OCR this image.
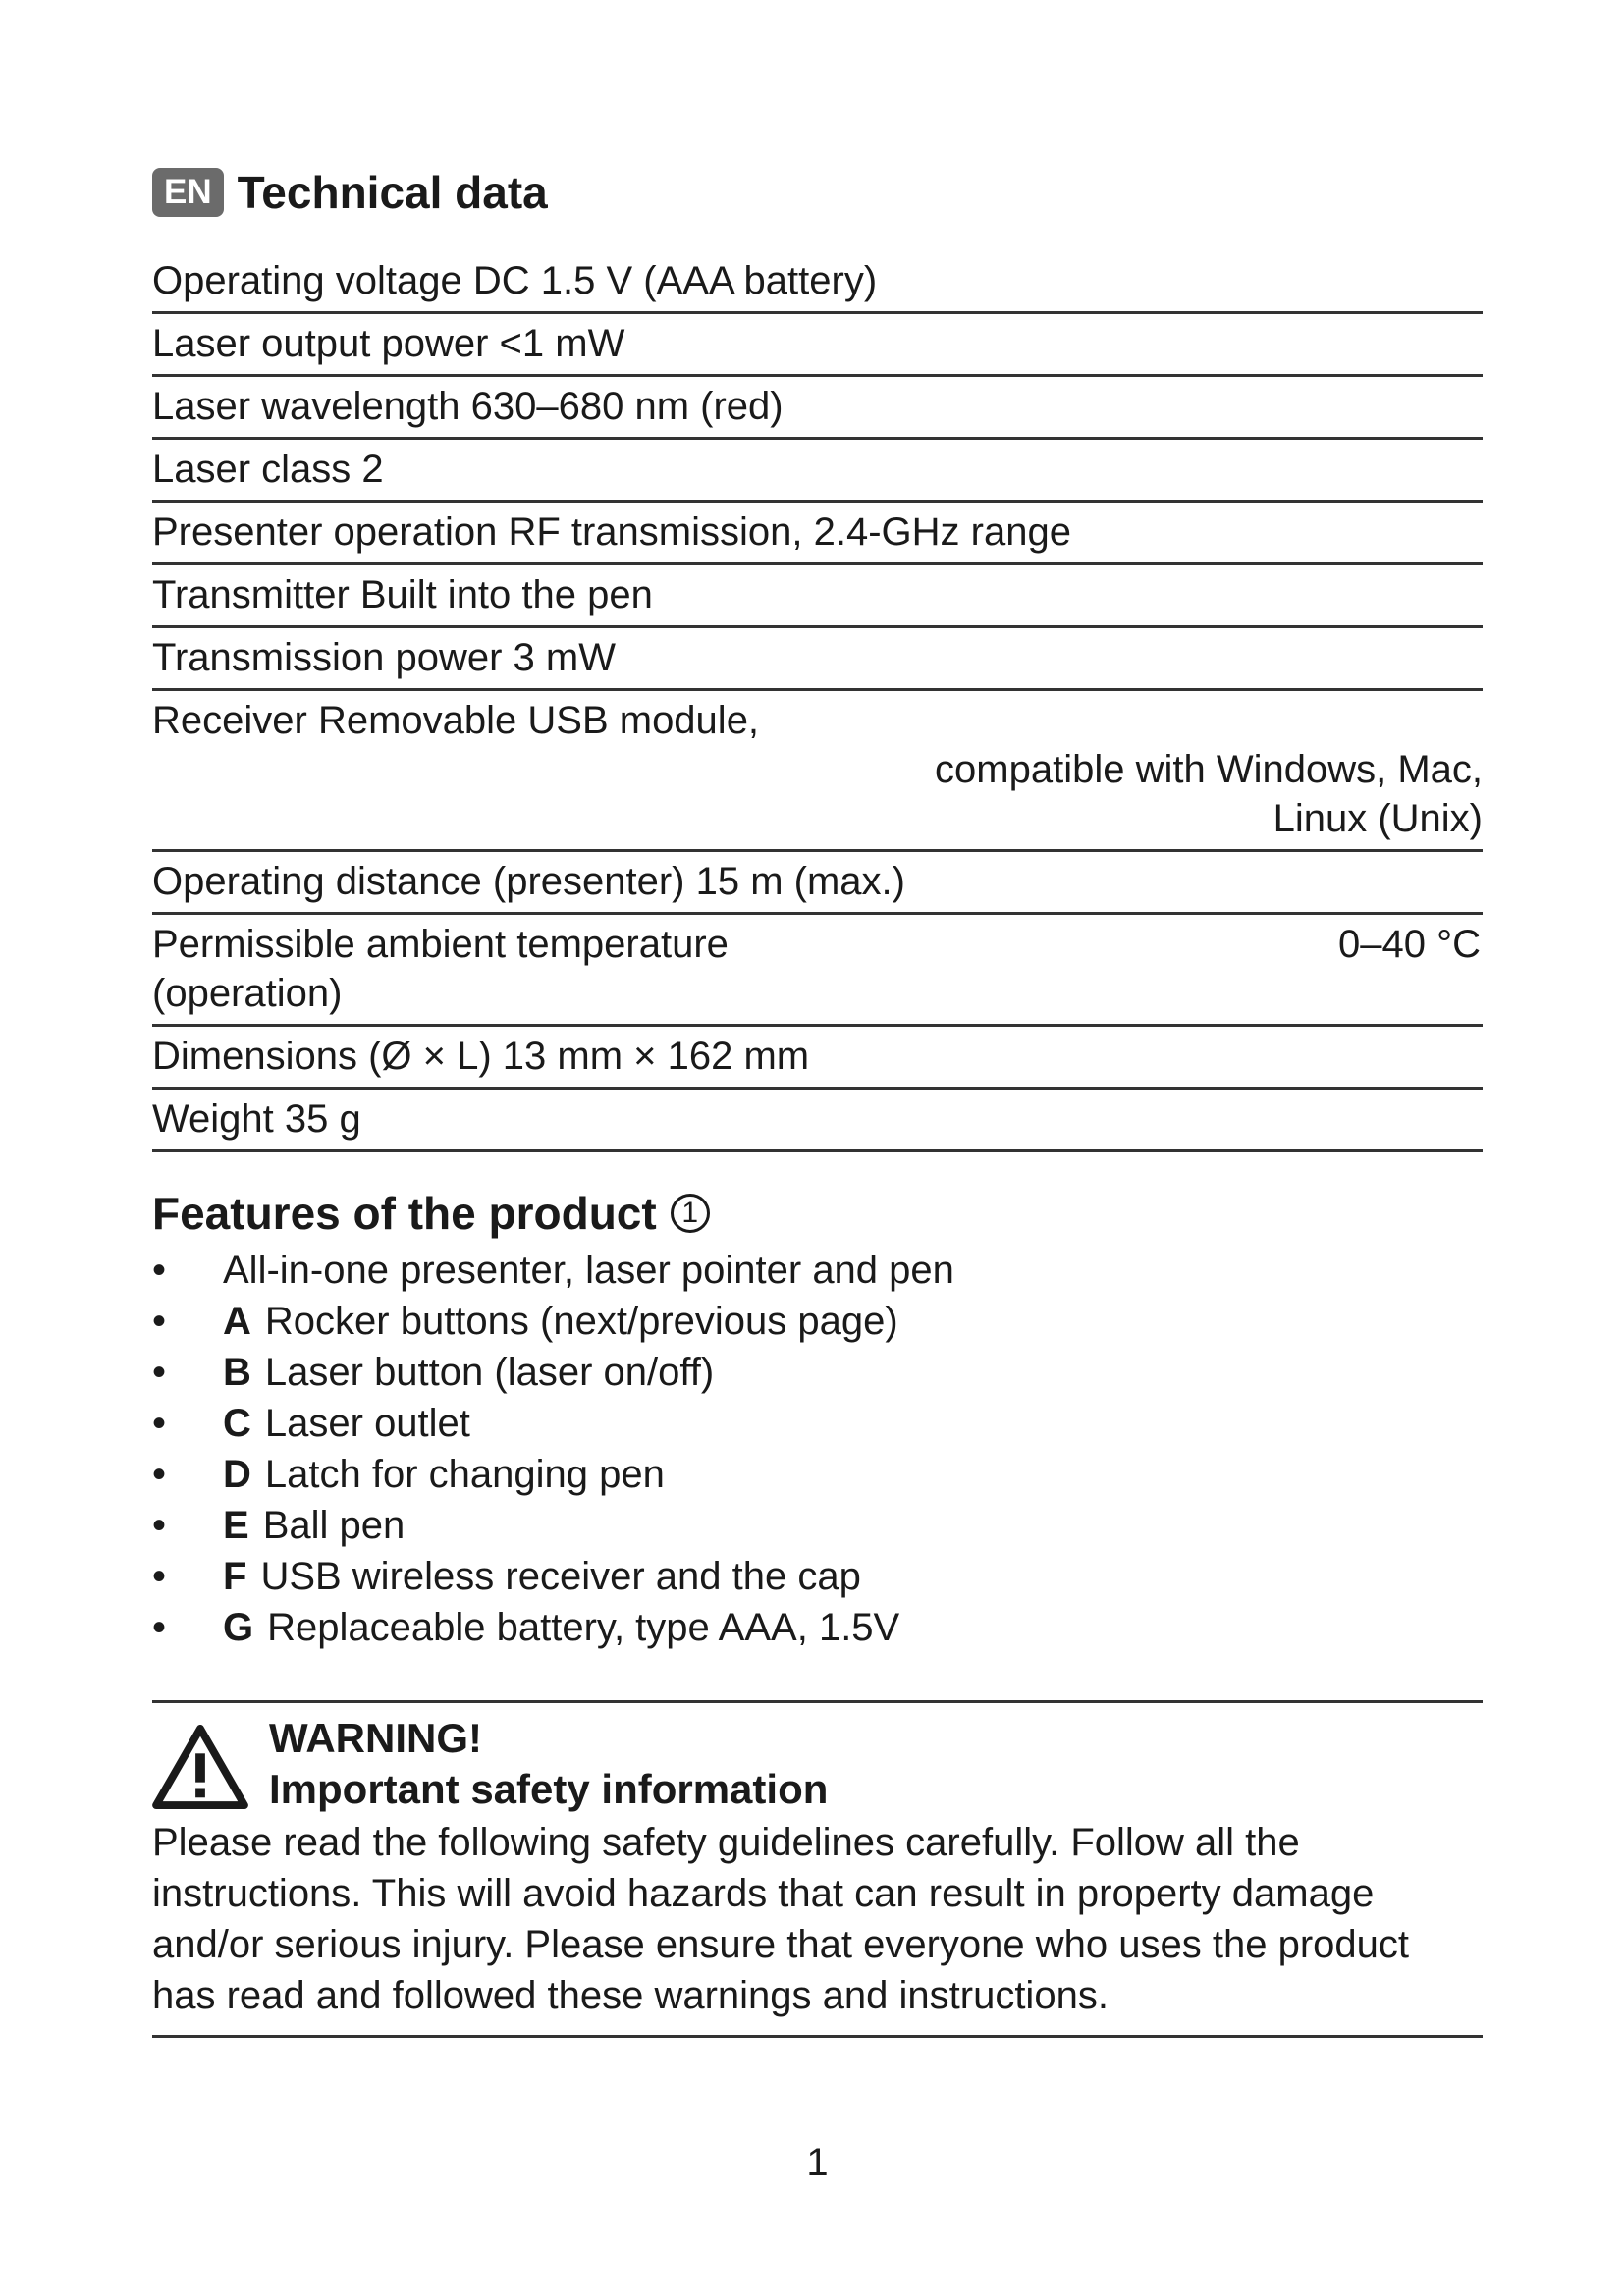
EN Technical data
Operating voltage DC 1.5 V (AAA battery)
Laser output power <1 mW
Laser wavelength 630–680 nm (red)
Laser class 2
Presenter operation RF transmission, 2.4-GHz range
Transmitter Built into the pen
Transmission power 3 mW
Receiver Removable USB module,
compatible with Windows, Mac,
Linux (Unix)
Operating distance (presenter) 15 m (max.)
Permissible ambient temperature	0–40 °C
(operation)
Dimensions (Ø × L) 13 mm × 162 mm
Weight 35 g
Features of the product 1
• All-in-one presenter, laser pointer and pen
• A Rocker buttons (next/previous page)
• B Laser button (laser on/off)
• C Laser outlet
• D Latch for changing pen
• E Ball pen
• F USB wireless receiver and the cap
• G Replaceable battery, type AAA, 1.5V
WARNING!
Important safety information

Please read the following safety guidelines carefully. Follow all the instructions. This will avoid hazards that can result in property damage and/or serious injury. Please ensure that everyone who uses the product has read and followed these warnings and instructions.

1
